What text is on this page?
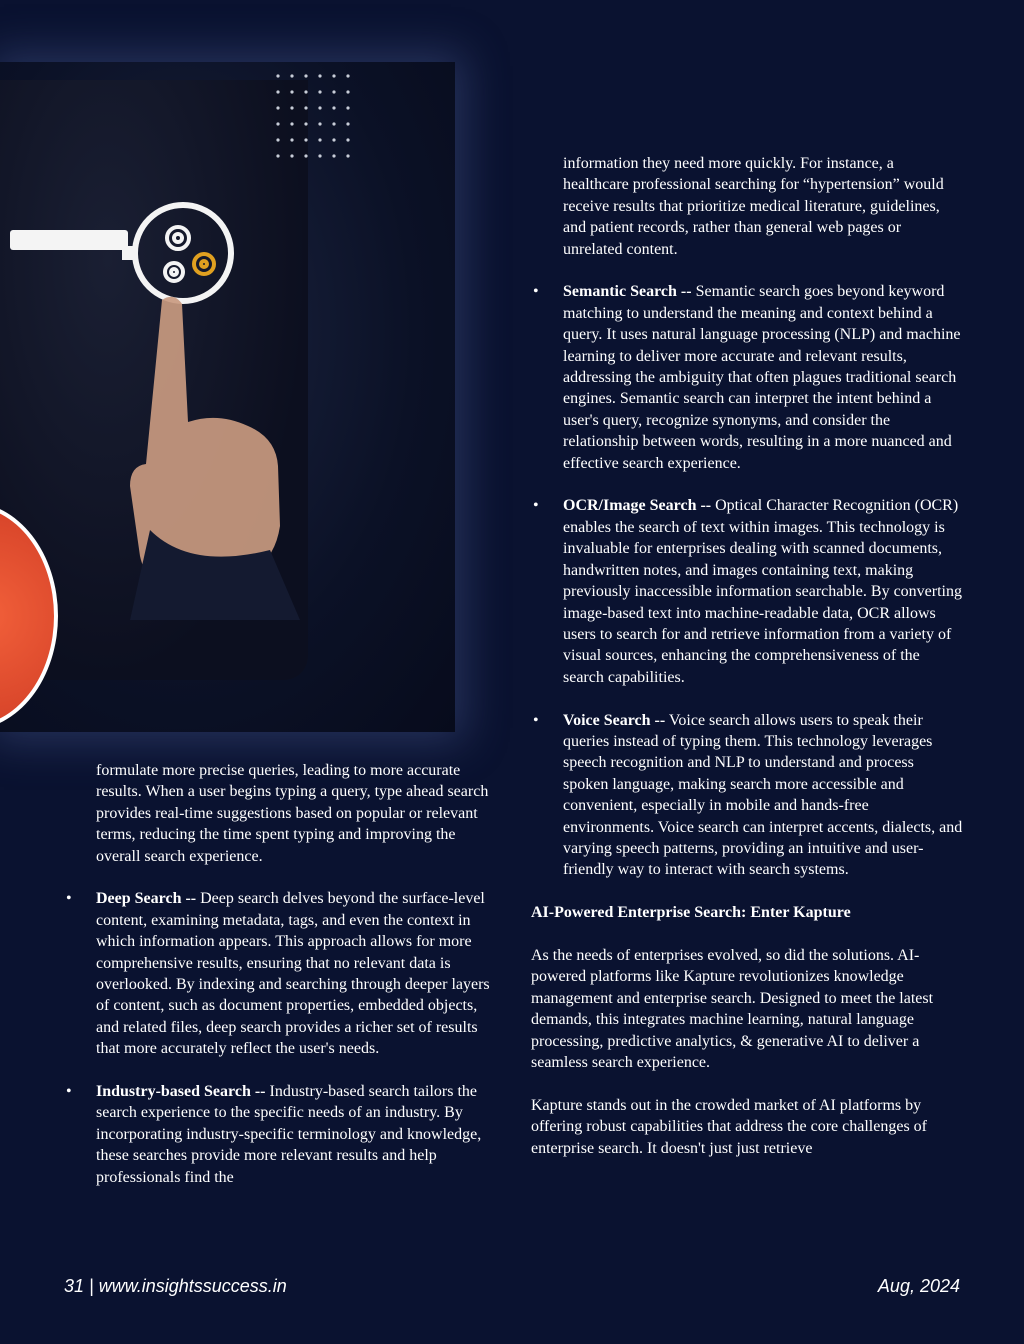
formulate more precise queries, leading to more accurate results. When a user begins typing a query, type ahead search provides real-time suggestions based on popular or relevant terms, reducing the time spent typing and improving the overall search experience.

• Deep Search -- Deep search delves beyond the surface-level content, examining metadata, tags, and even the context in which information appears. This approach allows for more comprehensive results, ensuring that no relevant data is overlooked. By indexing and searching through deeper layers of content, such as document properties, embedded objects, and related files, deep search provides a richer set of results that more accurately reflect the user's needs.

• Industry-based Search -- Industry-based search tailors the search experience to the specific needs of an industry. By incorporating industry-specific terminology and knowledge, these searches provide more relevant results and help professionals find the

information they need more quickly. For instance, a healthcare professional searching for “hypertension” would receive results that prioritize medical literature, guidelines, and patient records, rather than general web pages or unrelated content.

• Semantic Search -- Semantic search goes beyond keyword matching to understand the meaning and context behind a query. It uses natural language processing (NLP) and machine learning to deliver more accurate and relevant results, addressing the ambiguity that often plagues traditional search engines. Semantic search can interpret the intent behind a user's query, recognize synonyms, and consider the relationship between words, resulting in a more nuanced and effective search experience.

• OCR/Image Search -- Optical Character Recognition (OCR) enables the search of text within images. This technology is invaluable for enterprises dealing with scanned documents, handwritten notes, and images containing text, making previously inaccessible information searchable. By converting image-based text into machine-readable data, OCR allows users to search for and retrieve information from a variety of visual sources, enhancing the comprehensiveness of the search capabilities.

• Voice Search -- Voice search allows users to speak their queries instead of typing them. This technology leverages speech recognition and NLP to understand and process spoken language, making search more accessible and convenient, especially in mobile and hands-free environments. Voice search can interpret accents, dialects, and varying speech patterns, providing an intuitive and user-friendly way to interact with search systems.

AI-Powered Enterprise Search: Enter Kapture

As the needs of enterprises evolved, so did the solutions. AI-powered platforms like Kapture revolutionizes knowledge management and enterprise search. Designed to meet the latest demands, this integrates machine learning, natural language processing, predictive analytics, & generative AI to deliver a seamless search experience.

Kapture stands out in the crowded market of AI platforms by offering robust capabilities that address the core challenges of enterprise search. It doesn't just just retrieve

31 | www.insightssuccess.in	Aug, 2024
